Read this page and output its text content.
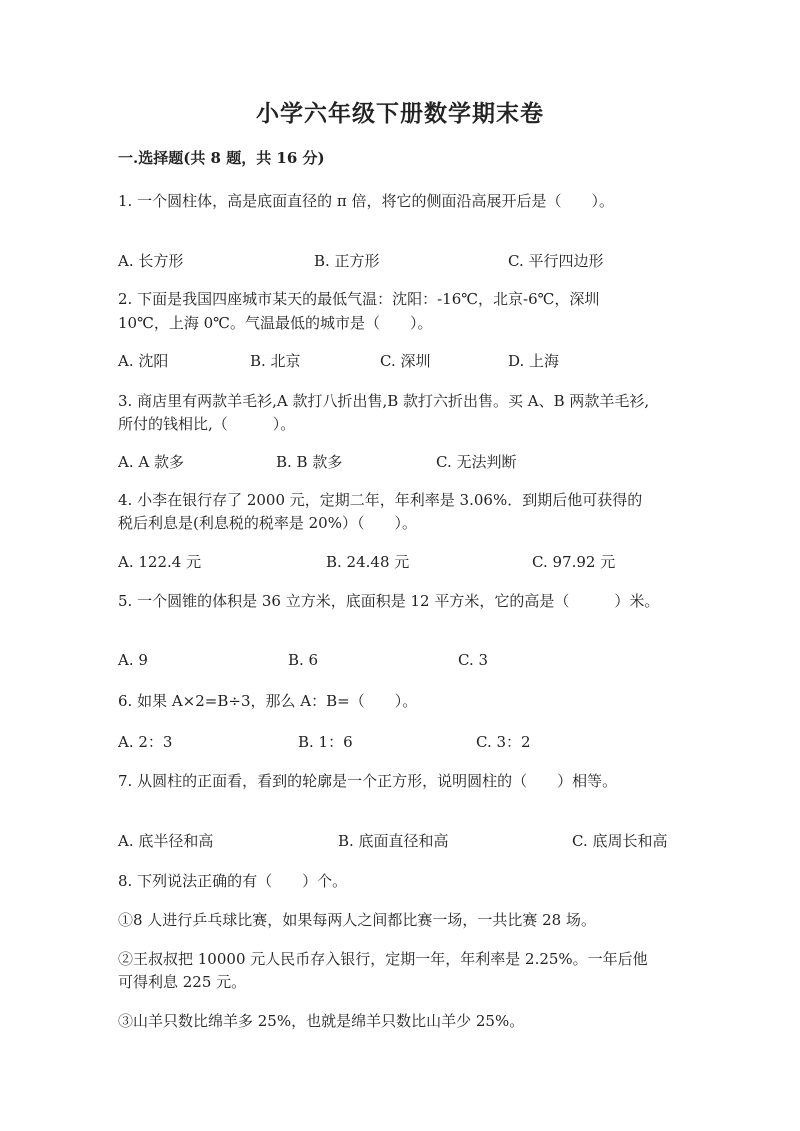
小学六年级下册数学期末卷
一.选择题(共 8 题，共 16 分)
1. 一个圆柱体，高是底面直径的 π 倍，将它的侧面沿高展开后是（　　）。
A. 长方形	B. 正方形	C. 平行四边形
2. 下面是我国四座城市某天的最低气温：沈阳：-16℃，北京-6℃，深圳
10℃，上海 0℃。气温最低的城市是（　　）。
A. 沈阳	B. 北京	C. 深圳	D. 上海
3. 商店里有两款羊毛衫,A 款打八折出售,B 款打六折出售。买 A、B 两款羊毛衫,
所付的钱相比,（　　　）。
A. A 款多	B. B 款多	C. 无法判断
4. 小李在银行存了 2000 元，定期二年，年利率是 3.06%．到期后他可获得的
税后利息是(利息税的税率是 20%）（　　）。
A. 122.4 元	B. 24.48 元	C. 97.92 元
5. 一个圆锥的体积是 36 立方米，底面积是 12 平方米，它的高是（　　　）米。
A. 9	B. 6	C. 3
6. 如果 A×2=B÷3，那么 A：B=（　　）。
A. 2：3	B. 1：6	C. 3：2
7. 从圆柱的正面看，看到的轮廓是一个正方形，说明圆柱的（　　）相等。
A. 底半径和高	B. 底面直径和高	C. 底周长和高
8. 下列说法正确的有（　　）个。
①8 人进行乒乓球比赛，如果每两人之间都比赛一场，一共比赛 28 场。
②王叔叔把 10000 元人民币存入银行，定期一年，年利率是 2.25%。一年后他
可得利息 225 元。
③山羊只数比绵羊多 25%，也就是绵羊只数比山羊少 25%。
